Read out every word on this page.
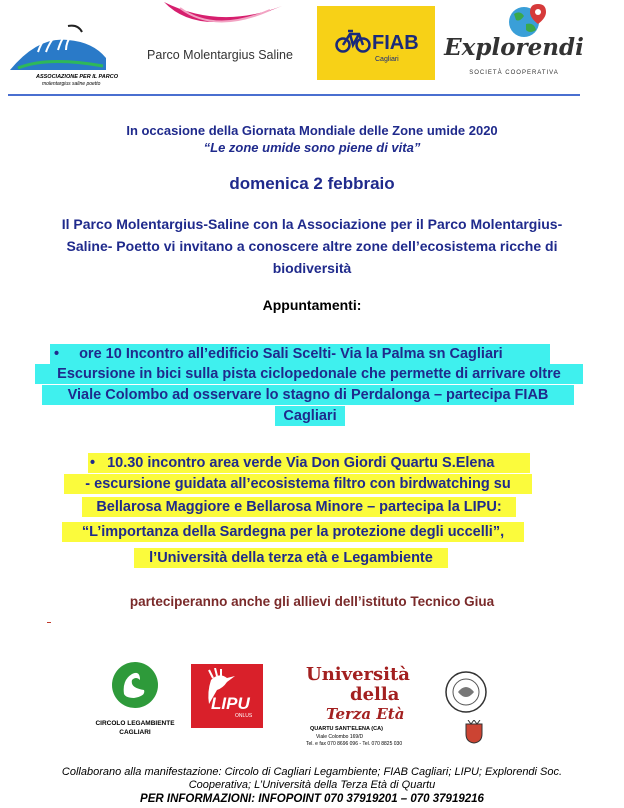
ASSOCIAZIONE PER IL PARCO
molentargius saline poetto
Parco Molentargius Saline
FIAB
Cagliari Explorendi
SOCIETÀ COOPERATIVA
In occasione della Giornata Mondiale delle Zone umide 2020
“Le zone umide sono piene di vita”
domenica 2 febbraio
Il Parco Molentargius-Saline con la Associazione per il Parco Molentargius-
Saline- Poetto vi invitano a conoscere altre zone dell’ecosistema ricche di
biodiversità
Appuntamenti:
• ore 10 Incontro all’edificio Sali Scelti- Via la Palma sn Cagliari
Escursione in bici sulla pista ciclopedonale che permette di arrivare oltre
Viale Colombo ad osservare lo stagno di Perdalonga – partecipa FIAB
Cagliari
• 10.30 incontro area verde Via Don Giordi Quartu S.Elena
- escursione guidata all’ecosistema filtro con birdwatching su
Bellarosa Maggiore e Bellarosa Minore – partecipa la LIPU:
“L’importanza della Sardegna per la protezione degli uccelli”,
l’Università della terza età e Legambiente
parteciperanno anche gli allievi dell’istituto Tecnico Giua
CIRCOLO LEGAMBIENTE
CAGLIARI
LIPU
ONLUS
Università
della
Terza Età
QUARTU SANT'ELENA (CA)
Viale Colombo 169/D
Tel. e fax 070 8696 096 - Tel. 070 8825 030
Collaborano alla manifestazione: Circolo di Cagliari Legambiente; FIAB Cagliari; LIPU; Explorendi Soc.
Cooperativa; L’Università della Terza Età di Quartu
PER INFORMAZIONI: INFOPOINT 070 37919201 – 070 37919216
